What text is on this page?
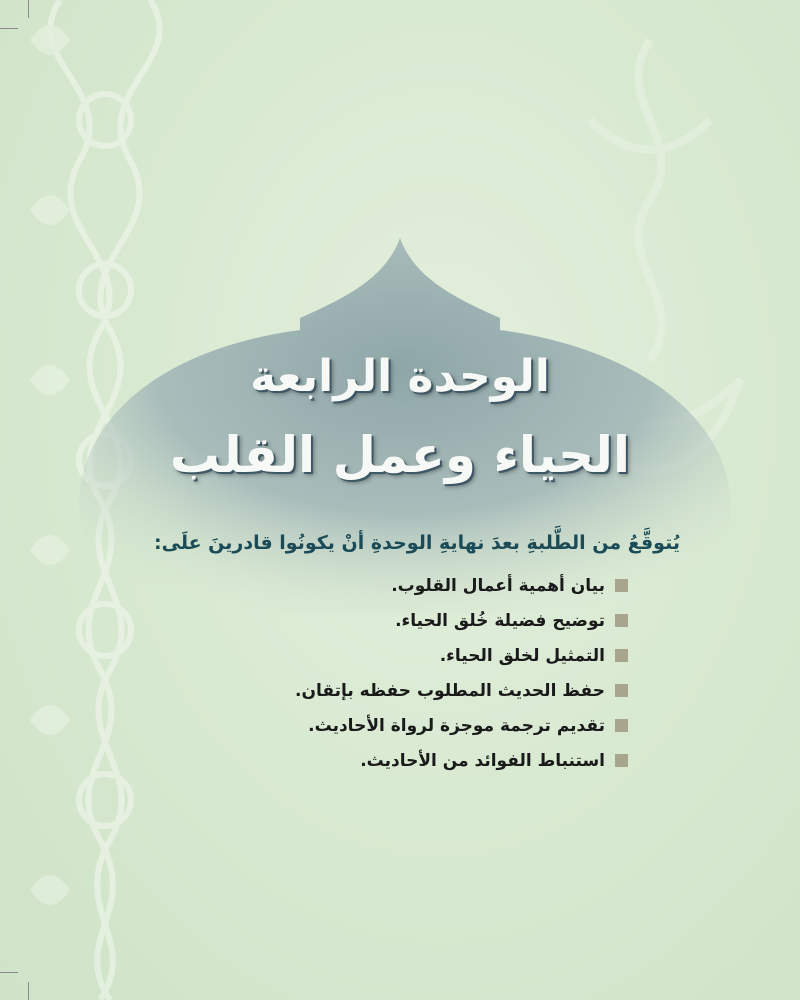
الوحدة الرابعة
الحياء وعمل القلب
يُتوقَّعُ من الطَّلبةِ بعدَ نهايةِ الوحدةِ أنْ يكونُوا قادرينَ علَى:
بيان أهمية أعمال القلوب.
توضيح فضيلة خُلق الحياء.
التمثيل لخلق الحياء.
حفظ الحديث المطلوب حفظه بإتقان.
تقديم ترجمة موجزة لرواة الأحاديث.
استنباط الفوائد من الأحاديث.
